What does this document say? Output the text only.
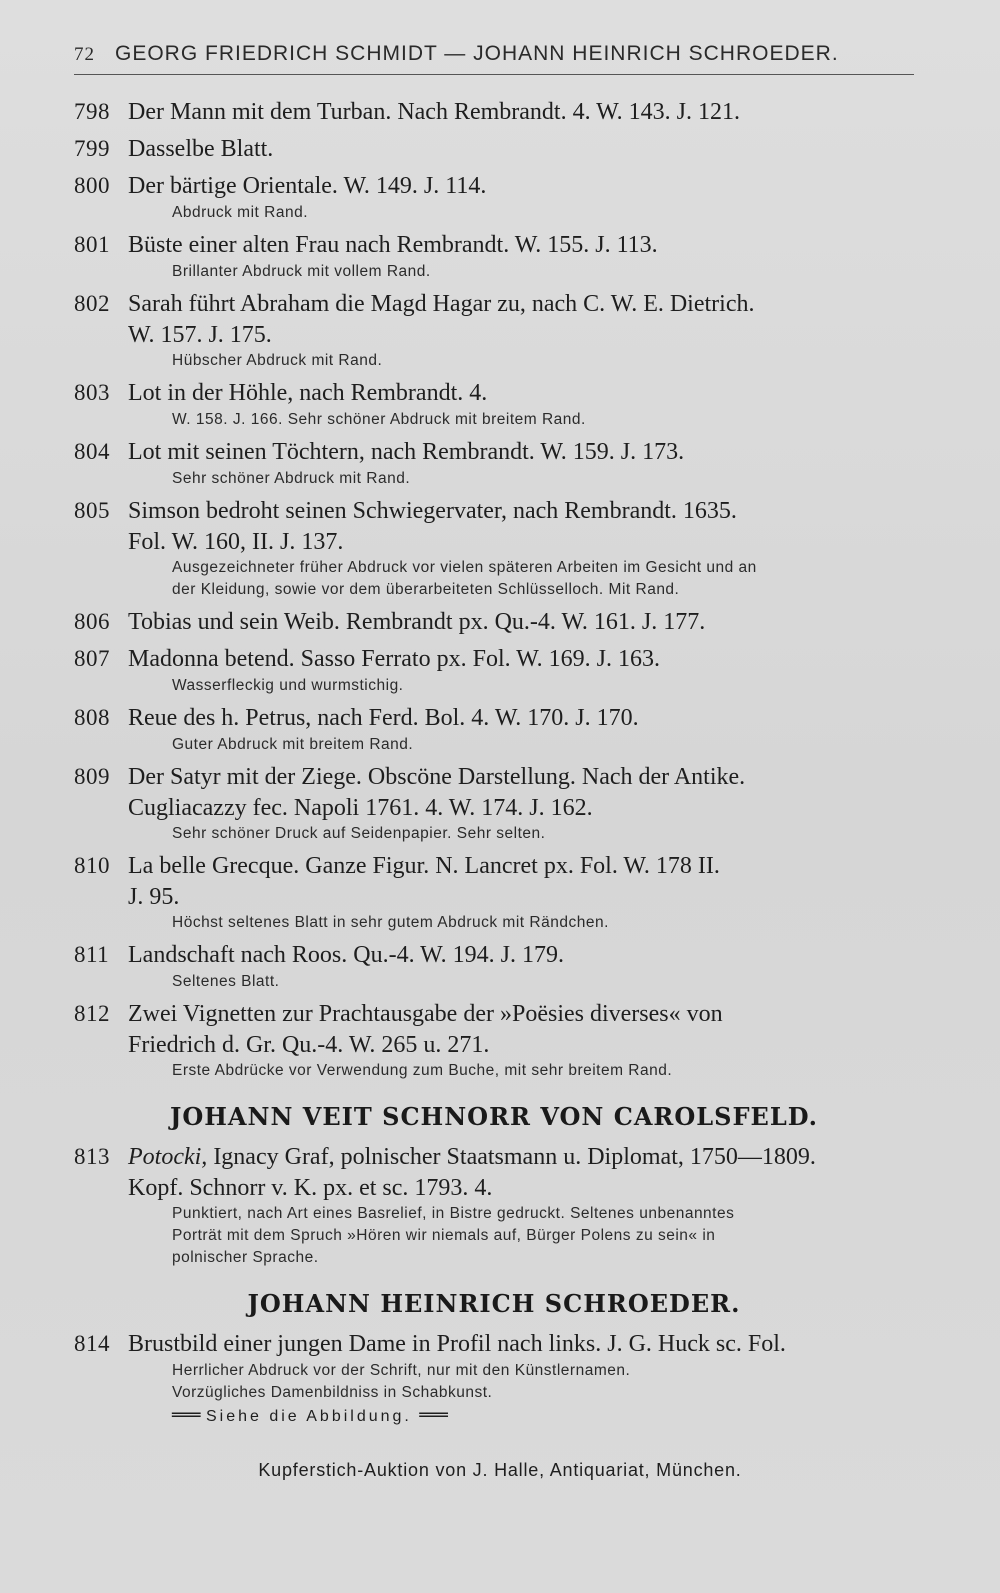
72 GEORG FRIEDRICH SCHMIDT — JOHANN HEINRICH SCHROEDER.
798 Der Mann mit dem Turban. Nach Rembrandt. 4. W. 143. J. 121.
799 Dasselbe Blatt.
800 Der bärtige Orientale. W. 149. J. 114.
Abdruck mit Rand.
801 Büste einer alten Frau nach Rembrandt. W. 155. J. 113.
Brillanter Abdruck mit vollem Rand.
802 Sarah führt Abraham die Magd Hagar zu, nach C. W. E. Dietrich.
W. 157. J. 175.
Hübscher Abdruck mit Rand.
803 Lot in der Höhle, nach Rembrandt. 4.
W. 158. J. 166. Sehr schöner Abdruck mit breitem Rand.
804 Lot mit seinen Töchtern, nach Rembrandt. W. 159. J. 173.
Sehr schöner Abdruck mit Rand.
805 Simson bedroht seinen Schwiegervater, nach Rembrandt. 1635.
Fol. W. 160, II. J. 137.
Ausgezeichneter früher Abdruck vor vielen späteren Arbeiten im Gesicht und an
der Kleidung, sowie vor dem überarbeiteten Schlüsselloch. Mit Rand.
806 Tobias und sein Weib. Rembrandt px. Qu.-4. W. 161. J. 177.
807 Madonna betend. Sasso Ferrato px. Fol. W. 169. J. 163.
Wasserfleckig und wurmstichig.
808 Reue des h. Petrus, nach Ferd. Bol. 4. W. 170. J. 170.
Guter Abdruck mit breitem Rand.
809 Der Satyr mit der Ziege. Obscöne Darstellung. Nach der Antike.
Cugliacazzy fec. Napoli 1761. 4. W. 174. J. 162.
Sehr schöner Druck auf Seidenpapier. Sehr selten.
810 La belle Grecque. Ganze Figur. N. Lancret px. Fol. W. 178 II.
J. 95.
Höchst seltenes Blatt in sehr gutem Abdruck mit Rändchen.
811 Landschaft nach Roos. Qu.-4. W. 194. J. 179.
Seltenes Blatt.
812 Zwei Vignetten zur Prachtausgabe der »Poësies diverses« von
Friedrich d. Gr. Qu.-4. W. 265 u. 271.
Erste Abdrücke vor Verwendung zum Buche, mit sehr breitem Rand.
JOHANN VEIT SCHNORR VON CAROLSFELD.
813 Potocki, Ignacy Graf, polnischer Staatsmann u. Diplomat, 1750—1809.
Kopf. Schnorr v. K. px. et sc. 1793. 4.
Punktiert, nach Art eines Basrelief, in Bistre gedruckt. Seltenes unbenanntes
Porträt mit dem Spruch »Hören wir niemals auf, Bürger Polens zu sein« in
polnischer Sprache.
JOHANN HEINRICH SCHROEDER.
814 Brustbild einer jungen Dame in Profil nach links. J. G. Huck sc. Fol.
Herrlicher Abdruck vor der Schrift, nur mit den Künstlernamen.
Vorzügliches Damenbildniss in Schabkunst.
═══ Siehe die Abbildung. ═══
Kupferstich-Auktion von J. Halle, Antiquariat, München.
